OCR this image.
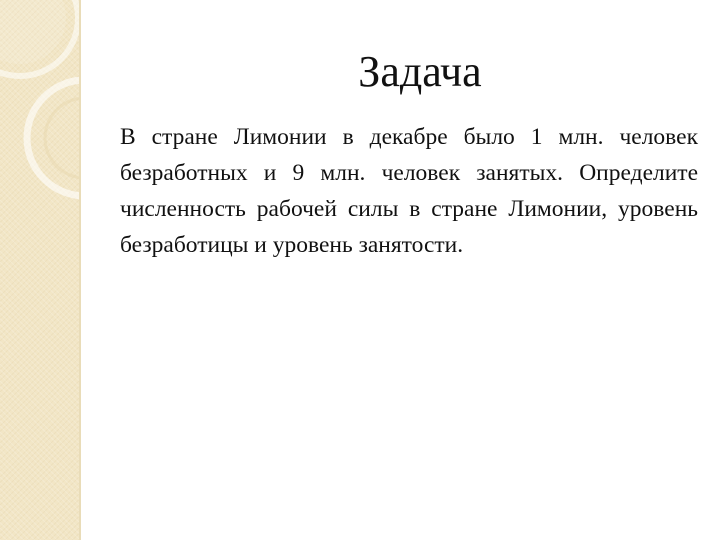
Задача
В стране Лимонии в декабре было 1 млн. человек безработных и 9 млн. человек занятых. Определите численность рабочей силы в стране Лимонии, уровень  безработицы и уровень занятости.
